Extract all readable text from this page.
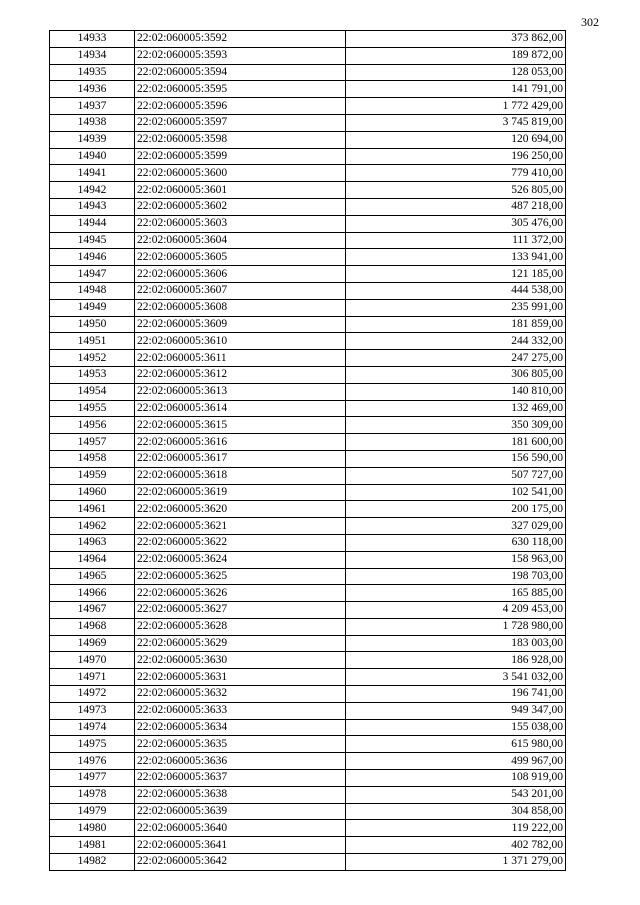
302
14933	22:02:060005:3592	373 862,00
14934	22:02:060005:3593	189 872,00
14935	22:02:060005:3594	128 053,00
14936	22:02:060005:3595	141 791,00
14937	22:02:060005:3596	1 772 429,00
14938	22:02:060005:3597	3 745 819,00
14939	22:02:060005:3598	120 694,00
14940	22:02:060005:3599	196 250,00
14941	22:02:060005:3600	779 410,00
14942	22:02:060005:3601	526 805,00
14943	22:02:060005:3602	487 218,00
14944	22:02:060005:3603	305 476,00
14945	22:02:060005:3604	111 372,00
14946	22:02:060005:3605	133 941,00
14947	22:02:060005:3606	121 185,00
14948	22:02:060005:3607	444 538,00
14949	22:02:060005:3608	235 991,00
14950	22:02:060005:3609	181 859,00
14951	22:02:060005:3610	244 332,00
14952	22:02:060005:3611	247 275,00
14953	22:02:060005:3612	306 805,00
14954	22:02:060005:3613	140 810,00
14955	22:02:060005:3614	132 469,00
14956	22:02:060005:3615	350 309,00
14957	22:02:060005:3616	181 600,00
14958	22:02:060005:3617	156 590,00
14959	22:02:060005:3618	507 727,00
14960	22:02:060005:3619	102 541,00
14961	22:02:060005:3620	200 175,00
14962	22:02:060005:3621	327 029,00
14963	22:02:060005:3622	630 118,00
14964	22:02:060005:3624	158 963,00
14965	22:02:060005:3625	198 703,00
14966	22:02:060005:3626	165 885,00
14967	22:02:060005:3627	4 209 453,00
14968	22:02:060005:3628	1 728 980,00
14969	22:02:060005:3629	183 003,00
14970	22:02:060005:3630	186 928,00
14971	22:02:060005:3631	3 541 032,00
14972	22:02:060005:3632	196 741,00
14973	22:02:060005:3633	949 347,00
14974	22:02:060005:3634	155 038,00
14975	22:02:060005:3635	615 980,00
14976	22:02:060005:3636	499 967,00
14977	22:02:060005:3637	108 919,00
14978	22:02:060005:3638	543 201,00
14979	22:02:060005:3639	304 858,00
14980	22:02:060005:3640	119 222,00
14981	22:02:060005:3641	402 782,00
14982	22:02:060005:3642	1 371 279,00
